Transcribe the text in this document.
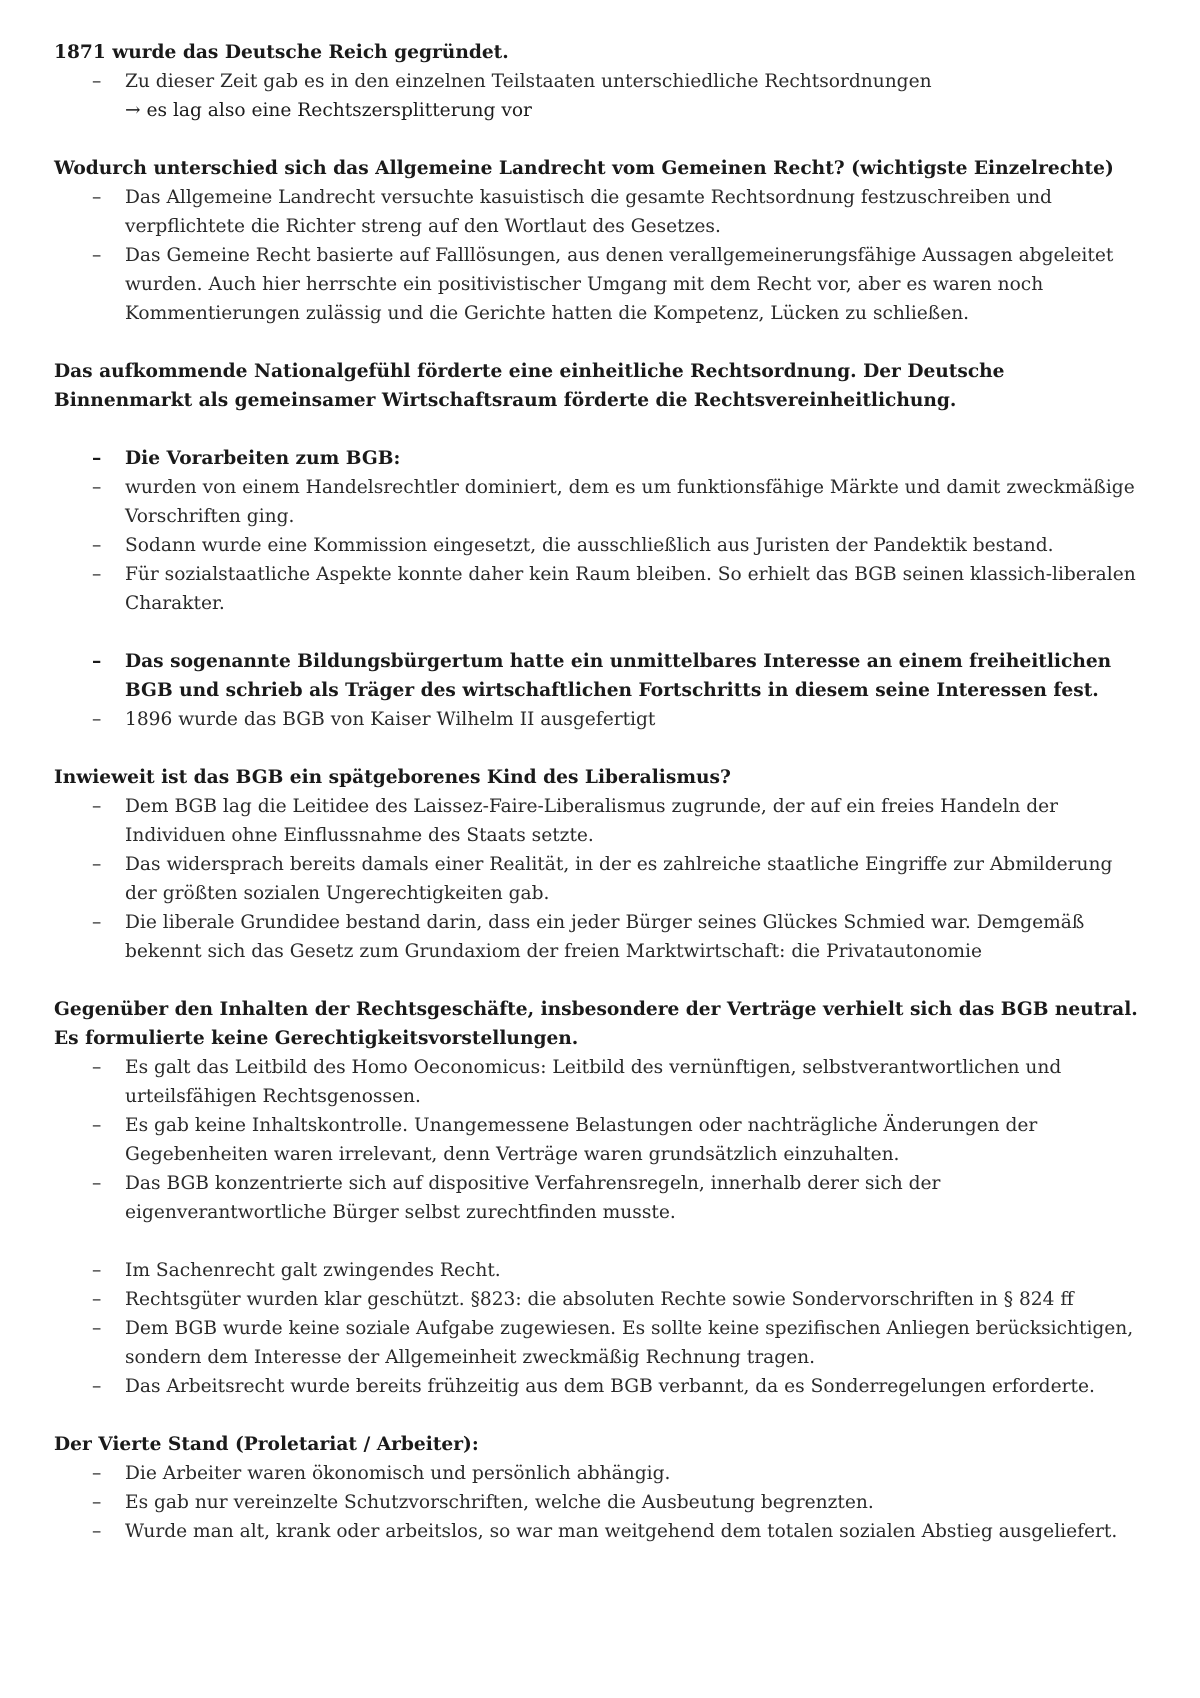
1871 wurde das Deutsche Reich gegründet.

– Zu dieser Zeit gab es in den einzelnen Teilstaaten unterschiedliche Rechtsordnungen
→ es lag also eine Rechtszersplitterung vor

Wodurch unterschied sich das Allgemeine Landrecht vom Gemeinen Recht? (wichtigste Einzelrechte)

– Das Allgemeine Landrecht versuchte kasuistisch die gesamte Rechtsordnung festzuschreiben und verpflichtete die Richter streng auf den Wortlaut des Gesetzes.
– Das Gemeine Recht basierte auf Falllösungen, aus denen verallgemeinerungsfähige Aussagen abgeleitet wurden. Auch hier herrschte ein positivistischer Umgang mit dem Recht vor, aber es waren noch Kommentierungen zulässig und die Gerichte hatten die Kompetenz, Lücken zu schließen.

Das aufkommende Nationalgefühl förderte eine einheitliche Rechtsordnung. Der Deutsche Binnenmarkt als gemeinsamer Wirtschaftsraum förderte die Rechtsvereinheitlichung.

– Die Vorarbeiten zum BGB:
– wurden von einem Handelsrechtler dominiert, dem es um funktionsfähige Märkte und damit zweckmäßige Vorschriften ging.
– Sodann wurde eine Kommission eingesetzt, die ausschließlich aus Juristen der Pandektik bestand.
– Für sozialstaatliche Aspekte konnte daher kein Raum bleiben. So erhielt das BGB seinen klassich-liberalen Charakter.
– Das sogenannte Bildungsbürgertum hatte ein unmittelbares Interesse an einem freiheitlichen BGB und schrieb als Träger des wirtschaftlichen Fortschritts in diesem seine Interessen fest.
– 1896 wurde das BGB von Kaiser Wilhelm II ausgefertigt

Inwieweit ist das BGB ein spätgeborenes Kind des Liberalismus?

– Dem BGB lag die Leitidee des Laissez-Faire-Liberalismus zugrunde, der auf ein freies Handeln der Individuen ohne Einflussnahme des Staats setzte.
– Das widersprach bereits damals einer Realität, in der es zahlreiche staatliche Eingriffe zur Abmilderung der größten sozialen Ungerechtigkeiten gab.
– Die liberale Grundidee bestand darin, dass ein jeder Bürger seines Glückes Schmied war. Demgemäß bekennt sich das Gesetz zum Grundaxiom der freien Marktwirtschaft: die Privatautonomie

Gegenüber den Inhalten der Rechtsgeschäfte, insbesondere der Verträge verhielt sich das BGB neutral. Es formulierte keine Gerechtigkeitsvorstellungen.

– Es galt das Leitbild des Homo Oeconomicus: Leitbild des vernünftigen, selbstverantwortlichen und urteilsfähigen Rechtsgenossen.
– Es gab keine Inhaltskontrolle. Unangemessene Belastungen oder nachträgliche Änderungen der Gegebenheiten waren irrelevant, denn Verträge waren grundsätzlich einzuhalten.
– Das BGB konzentrierte sich auf dispositive Verfahrensregeln, innerhalb derer sich der eigenverantwortliche Bürger selbst zurechtfinden musste.
– Im Sachenrecht galt zwingendes Recht.
– Rechtsgüter wurden klar geschützt. §823: die absoluten Rechte sowie Sondervorschriften in § 824 ff
– Dem BGB wurde keine soziale Aufgabe zugewiesen. Es sollte keine spezifischen Anliegen berücksichtigen, sondern dem Interesse der Allgemeinheit zweckmäßig Rechnung tragen.
– Das Arbeitsrecht wurde bereits frühzeitig aus dem BGB verbannt, da es Sonderregelungen erforderte.

Der Vierte Stand (Proletariat / Arbeiter):

– Die Arbeiter waren ökonomisch und persönlich abhängig.
– Es gab nur vereinzelte Schutzvorschriften, welche die Ausbeutung begrenzten.
– Wurde man alt, krank oder arbeitslos, so war man weitgehend dem totalen sozialen Abstieg ausgeliefert.
